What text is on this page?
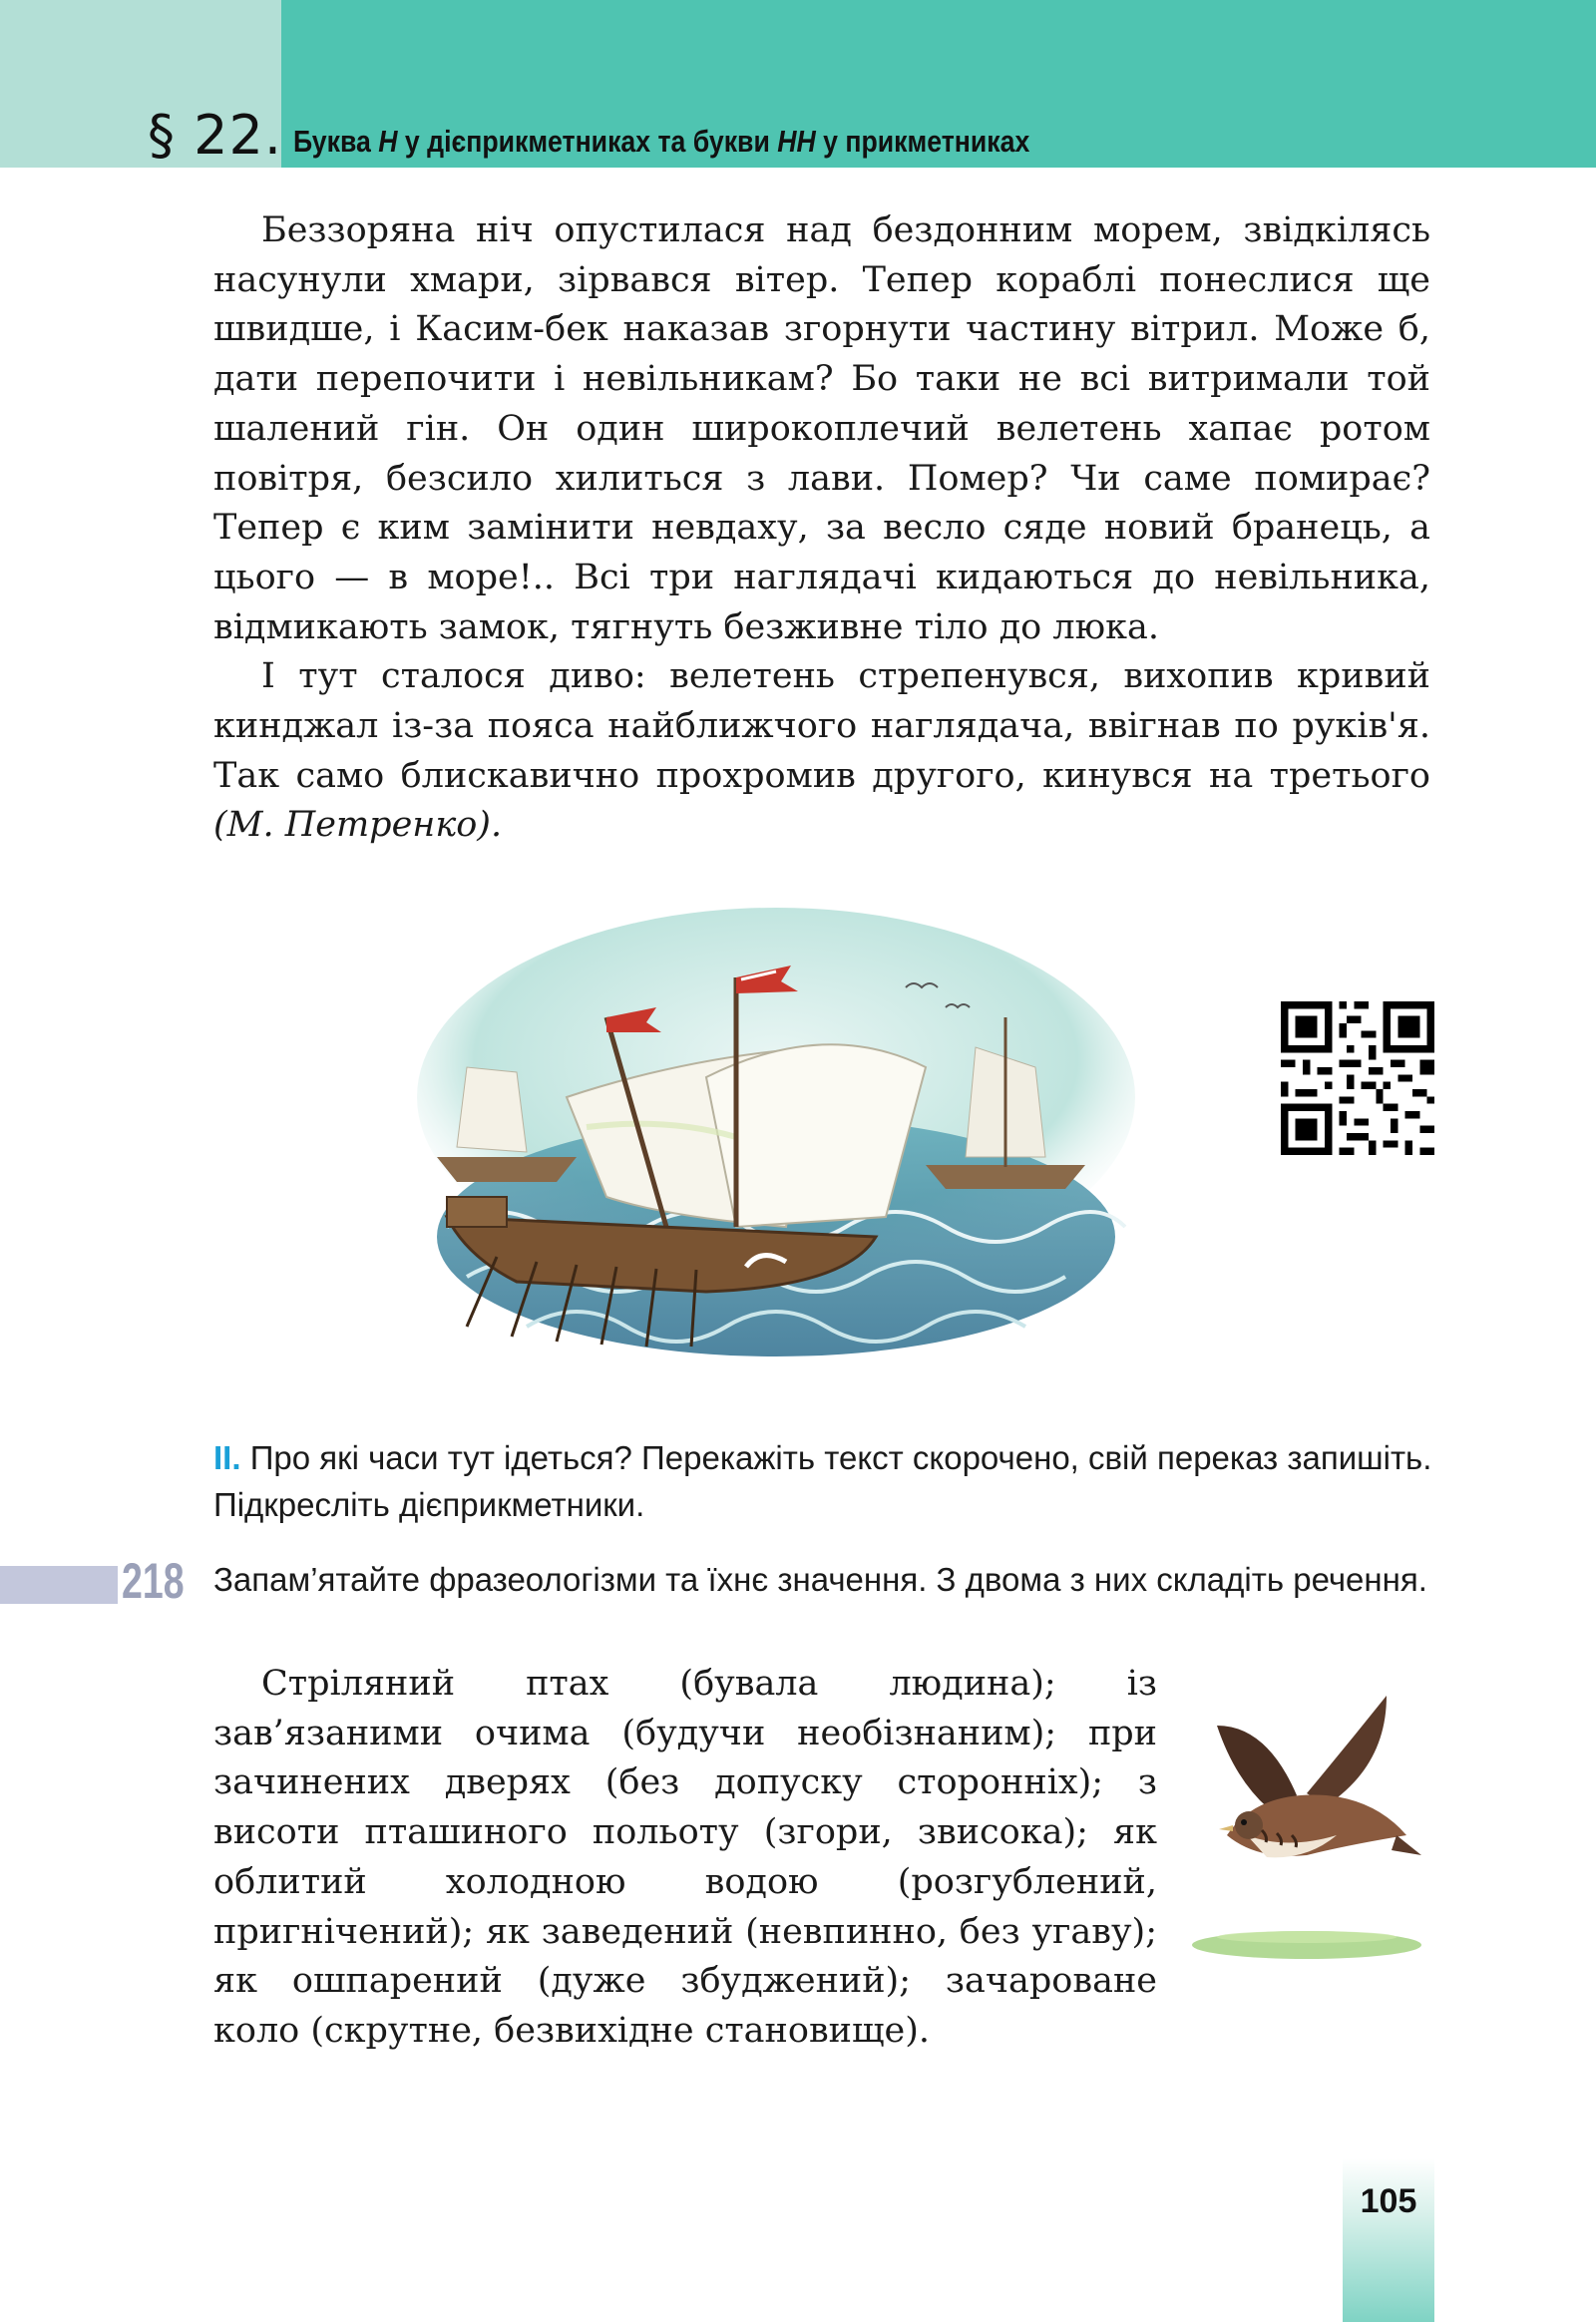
§ 22. Буква Н у дієприкметниках та букви НН у прикметниках

Беззоряна ніч опустилася над бездонним морем, звідкілясь насунули хмари, зірвався вітер. Тепер кораблі понеслися ще швидше, і Касим-бек наказав згорнути частину вітрил. Може б, дати перепочити і невільникам? Бо таки не всі витримали той шалений гін. Он один широкоплечий велетень хапає ротом повітря, безсило хилиться з лави. Помер? Чи саме помирає? Тепер є ким замінити невдаху, за весло сяде новий бранець, а цього — в море!.. Всі три наглядачі кидаються до невільника, відмикають замок, тягнуть безживне тіло до люка.

І тут сталося диво: велетень стрепенувся, вихопив кривий кинджал із-за пояса найближчого наглядача, ввігнав по руків'я. Так само блискавично прохромив другого, кинувся на третього (М. Петренко).

II. Про які часи тут ідеться? Перекажіть текст скорочено, свій переказ запишіть. Підкресліть дієприкметники.
218 Запам’ятайте фразеологізми та їхнє значення. З двома з них складіть речення.

Стріляний птах (бувала людина); із зав’язаними очима (будучи необізнаним); при зачинених дверях (без допуску сторонніх); з висоти пташиного польоту (згори, звисока); як облитий холодною водою (розгублений, пригнічений); як заведений (невпинно, без угаву); як ошпарений (дуже збуджений); зачароване коло (скрутне, безвихідне становище).

105
